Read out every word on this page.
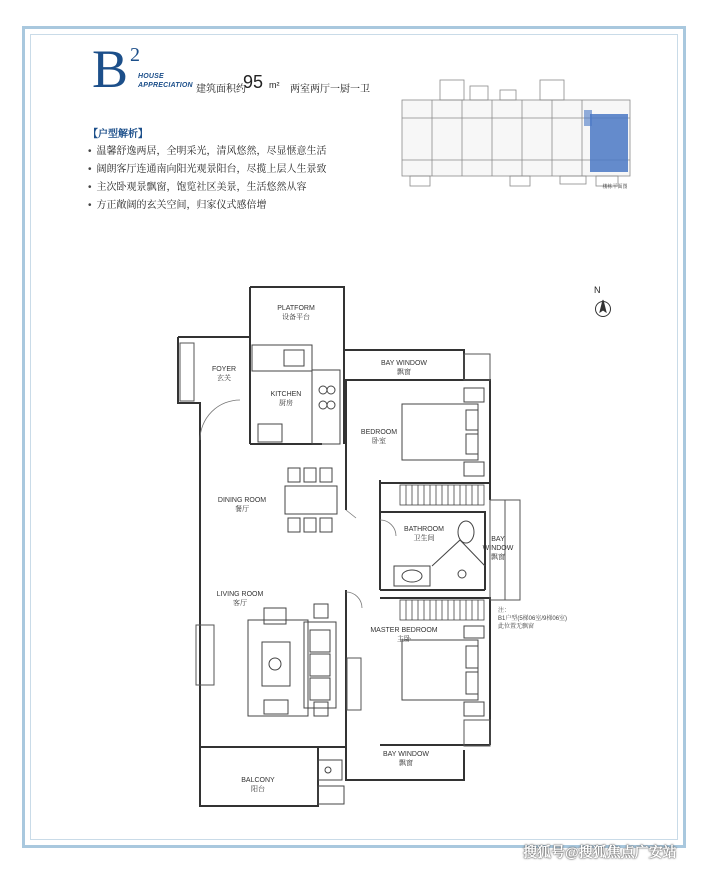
B 2
HOUSE
APPRECIATION 建筑面积约
95 m² 两室两厅一厨一卫
【户型解析】
• 温馨舒逸两居，全明采光，清风悠然，尽显惬意生活
• 阔朗客厅连通南向阳光观景阳台，尽揽上层人生景致
• 主次卧观景飘窗，饱览社区美景，生活悠然从容
• 方正敞阔的玄关空间，归家仪式感倍增
楼栋平面图
N
PLATFORM
设备平台
FOYER
玄关
KITCHEN
厨房
BAY WINDOW
飘窗
BEDROOM
卧室
DINING ROOM
餐厅
BATHROOM
卫生间	BAY
WINDOW
飘窗
LIVING ROOM
客厅
MASTER BEDROOM
主卧
BAY WINDOW
飘窗
BALCONY
阳台
注：
B1户型(5梯06室/9梯06室)
此位置无飘窗
搜狐号@搜狐焦点广安站
